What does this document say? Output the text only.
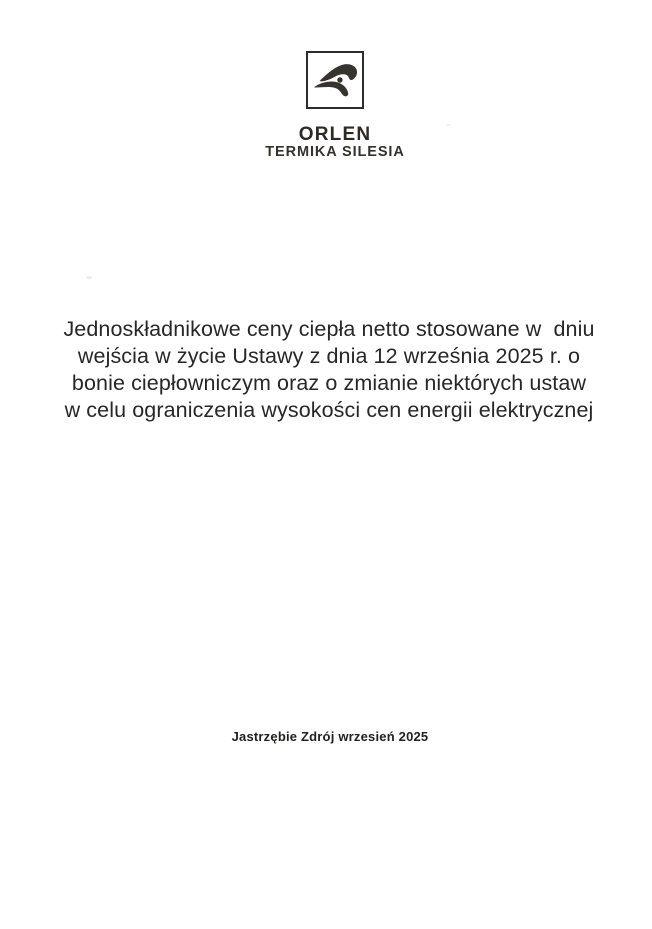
ORLEN
TERMIKA SILESIA
Jednoskładnikowe ceny ciepła netto stosowane w  dniu
wejścia w życie Ustawy z dnia 12 września 2025 r. o
bonie ciepłowniczym oraz o zmianie niektórych ustaw
w celu ograniczenia wysokości cen energii elektrycznej
Jastrzębie Zdrój wrzesień 2025
